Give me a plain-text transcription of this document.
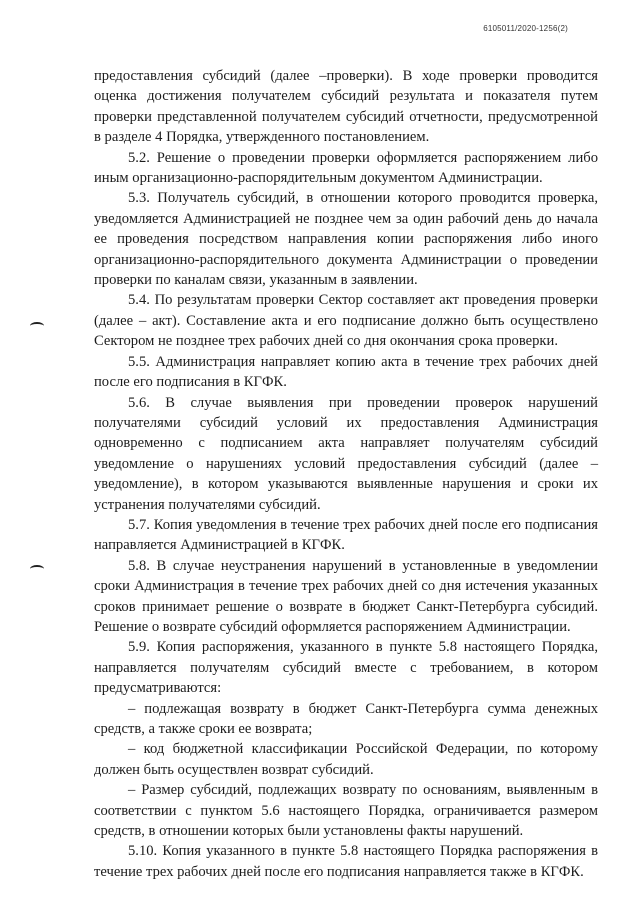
6105011/2020-1256(2)

предоставления субсидий (далее –проверки). В ходе проверки проводится оценка достижения получателем субсидий результата и показателя путем проверки представленной получателем субсидий отчетности, предусмотренной в разделе 4 Порядка, утвержденного постановлением.

5.2. Решение о проведении проверки оформляется распоряжением либо иным организационно-распорядительным документом Администрации.

5.3. Получатель субсидий, в отношении которого проводится проверка, уведомляется Администрацией не позднее чем за один рабочий день до начала ее проведения посредством направления копии распоряжения либо иного организационно-распорядительного документа Администрации о проведении проверки по каналам связи, указанным в заявлении.

5.4. По результатам проверки Сектор составляет акт проведения проверки (далее – акт). Составление акта и его подписание должно быть осуществлено Сектором не позднее трех рабочих дней со дня окончания срока проверки.

5.5. Администрация направляет копию акта в течение трех рабочих дней после его подписания в КГФК.

5.6. В случае выявления при проведении проверок нарушений получателями субсидий условий их предоставления Администрация одновременно с подписанием акта направляет получателям субсидий уведомление о нарушениях условий предоставления субсидий (далее – уведомление), в котором указываются выявленные нарушения и сроки их устранения получателями субсидий.

5.7. Копия уведомления в течение трех рабочих дней после его подписания направляется Администрацией в КГФК.

5.8. В случае неустранения нарушений в установленные в уведомлении сроки Администрация в течение трех рабочих дней со дня истечения указанных сроков принимает решение о возврате в бюджет Санкт-Петербурга субсидий. Решение о возврате субсидий оформляется распоряжением Администрации.

5.9. Копия распоряжения, указанного в пункте 5.8 настоящего Порядка, направляется получателям субсидий вместе с требованием, в котором предусматриваются:

– подлежащая возврату в бюджет Санкт-Петербурга сумма денежных средств, а также сроки ее возврата;

– код бюджетной классификации Российской Федерации, по которому должен быть осуществлен возврат субсидий.

– Размер субсидий, подлежащих возврату по основаниям, выявленным в соответствии с пунктом 5.6 настоящего Порядка, ограничивается размером средств, в отношении которых были установлены факты нарушений.

5.10. Копия указанного в пункте 5.8 настоящего Порядка распоряжения в течение трех рабочих дней после его подписания направляется также в КГФК.
